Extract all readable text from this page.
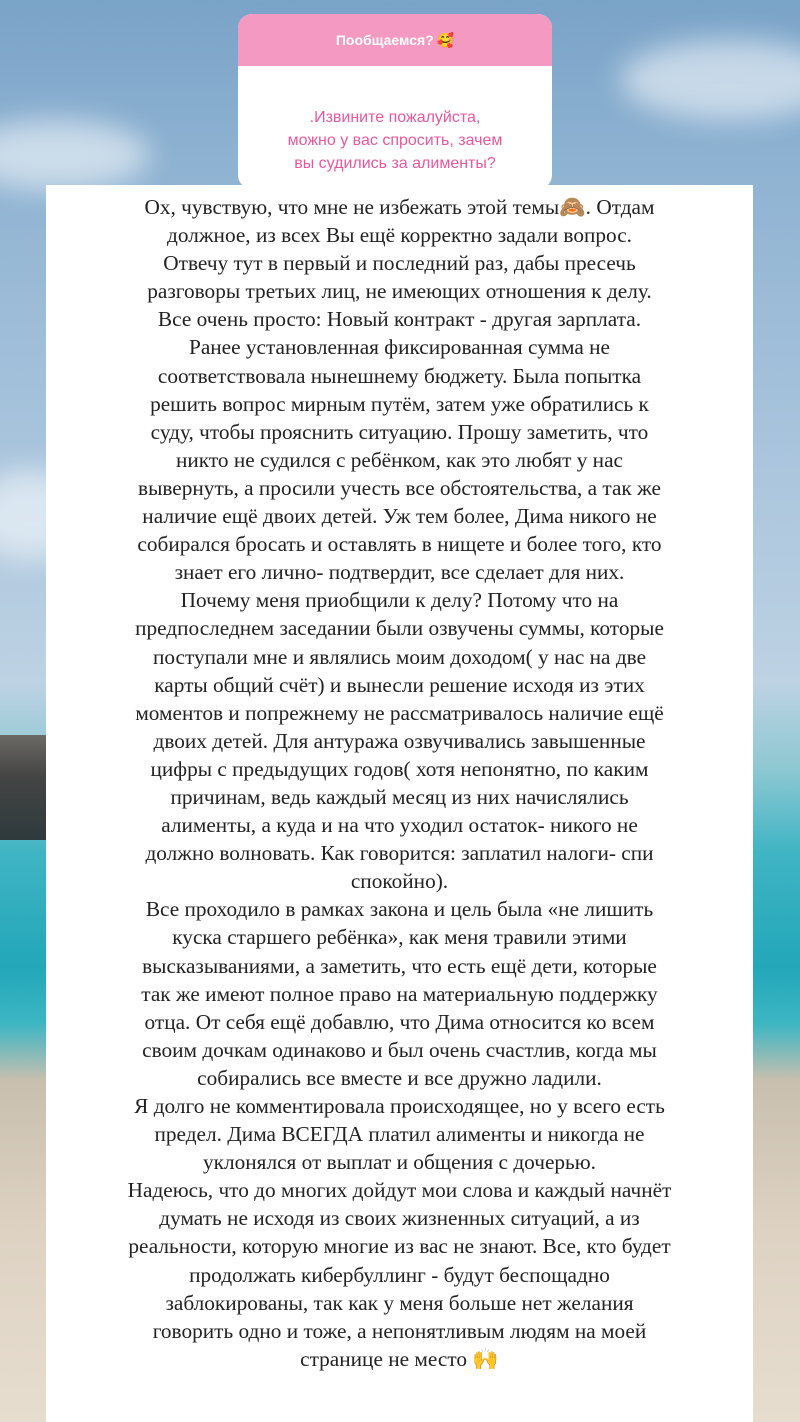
Пообщаемся? 🥰
.Извините пожалуйста,
можно у вас спросить, зачем
вы судились за алименты?
Ох, чувствую, что мне не избежать этой темы🙈. Отдам
должное, из всех Вы ещё корректно задали вопрос.
Отвечу тут в первый и последний раз, дабы пресечь
разговоры третьих лиц, не имеющих отношения к делу.
Все очень просто: Новый контракт - другая зарплата.
Ранее установленная фиксированная сумма не
соответствовала нынешнему бюджету. Была попытка
решить вопрос мирным путём, затем уже обратились к
суду, чтобы прояснить ситуацию. Прошу заметить, что
никто не судился с ребёнком, как это любят у нас
вывернуть, а просили учесть все обстоятельства, а так же
наличие ещё двоих детей. Уж тем более, Дима никого не
собирался бросать и оставлять в нищете и более того, кто
знает его лично- подтвердит, все сделает для них.
Почему меня приобщили к делу? Потому что на
предпоследнем заседании были озвучены суммы, которые
поступали мне и являлись моим доходом( у нас на две
карты общий счёт) и вынесли решение исходя из этих
моментов и попрежнему не рассматривалось наличие ещё
двоих детей. Для антуража озвучивались завышенные
цифры с предыдущих годов( хотя непонятно, по каким
причинам, ведь каждый месяц из них начислялись
алименты, а куда и на что уходил остаток- никого не
должно волновать. Как говорится: заплатил налоги- спи
спокойно).
Все проходило в рамках закона и цель была «не лишить
куска старшего ребёнка», как меня травили этими
высказываниями, а заметить, что есть ещё дети, которые
так же имеют полное право на материальную поддержку
отца. От себя ещё добавлю, что Дима относится ко всем
своим дочкам одинаково и был очень счастлив, когда мы
собирались все вместе и все дружно ладили.
Я долго не комментировала происходящее, но у всего есть
предел. Дима ВСЕГДА платил алименты и никогда не
уклонялся от выплат и общения с дочерью.
Надеюсь, что до многих дойдут мои слова и каждый начнёт
думать не исходя из своих жизненных ситуаций, а из
реальности, которую многие из вас не знают. Все, кто будет
продолжать кибербуллинг - будут беспощадно
заблокированы, так как у меня больше нет желания
говорить одно и тоже, а непонятливым людям на моей
странице не место 🙌
